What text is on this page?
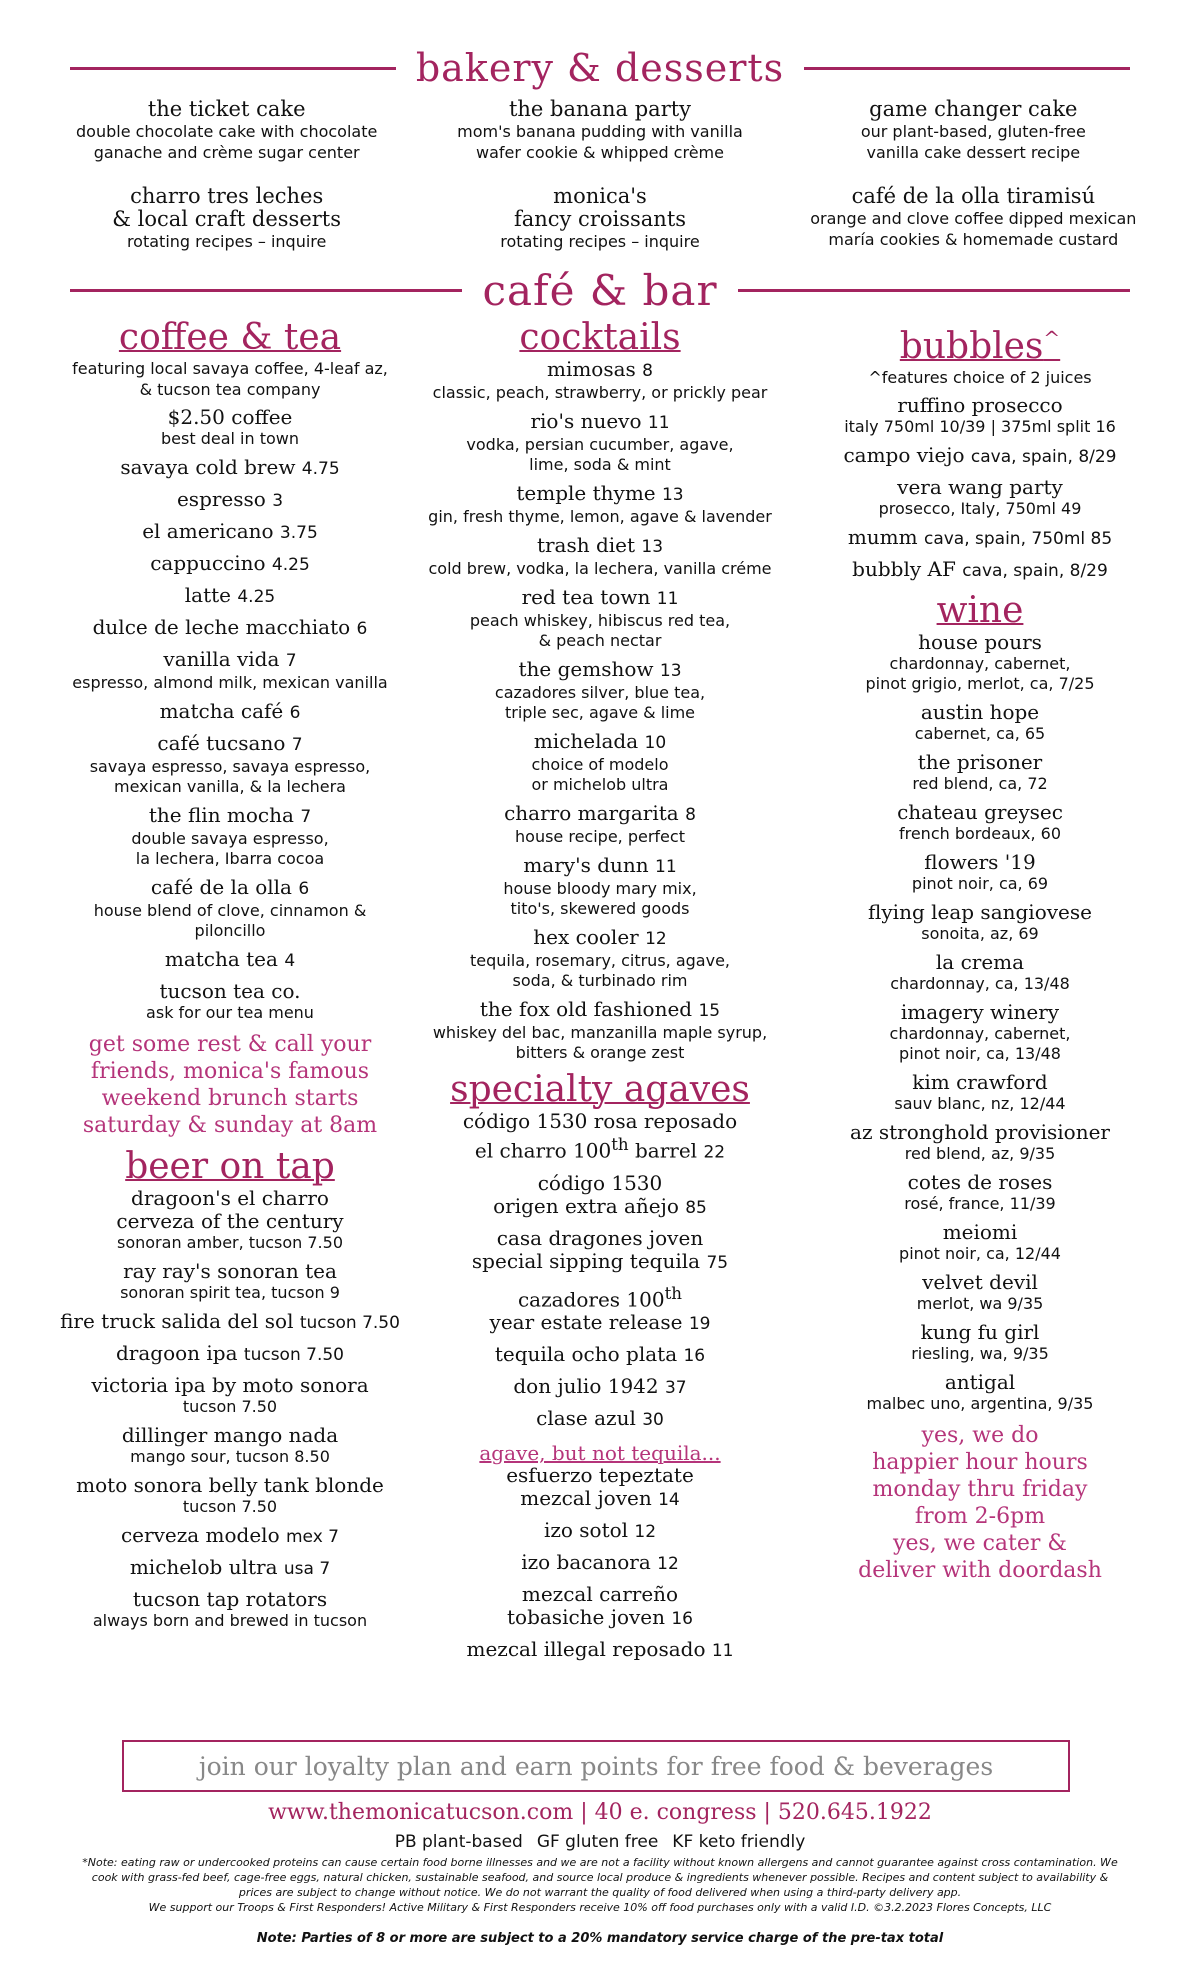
bakery & desserts
the ticket cake
double chocolate cake with chocolate
ganache and crème sugar center
the banana party
mom's banana pudding with vanilla
wafer cookie & whipped crème
game changer cake
our plant-based, gluten-free
vanilla cake dessert recipe
charro tres leches
& local craft desserts
rotating recipes – inquire
monica's
fancy croissants
rotating recipes – inquire
café de la olla tiramisú
orange and clove coffee dipped mexican
maría cookies & homemade custard
café & bar
coffee & tea
featuring local savaya coffee, 4-leaf az,
& tucson tea company
$2.50 coffee
best deal in town
savaya cold brew 4.75
espresso 3
el americano 3.75
cappuccino 4.25
latte 4.25
dulce de leche macchiato 6
vanilla vida 7
espresso, almond milk, mexican vanilla
matcha café 6
café tucsano 7
savaya espresso, savaya espresso,
mexican vanilla, & la lechera
the flin mocha 7
double savaya espresso,
la lechera, Ibarra cocoa
café de la olla 6
house blend of clove, cinnamon &
piloncillo
matcha tea 4
tucson tea co.
ask for our tea menu
get some rest & call your
friends, monica's famous
weekend brunch starts
saturday & sunday at 8am
beer on tap
dragoon's el charro
cerveza of the century
sonoran amber, tucson 7.50
ray ray's sonoran tea
sonoran spirit tea, tucson 9
fire truck salida del sol tucson 7.50
dragoon ipa tucson 7.50
victoria ipa by moto sonora
tucson 7.50
dillinger mango nada
mango sour, tucson 8.50
moto sonora belly tank blonde
tucson 7.50
cerveza modelo mex 7
michelob ultra usa 7
tucson tap rotators
always born and brewed in tucson
cocktails
mimosas 8
classic, peach, strawberry, or prickly pear
rio's nuevo 11
vodka, persian cucumber, agave,
lime, soda & mint
temple thyme 13
gin, fresh thyme, lemon, agave & lavender
trash diet 13
cold brew, vodka, la lechera, vanilla créme
red tea town 11
peach whiskey, hibiscus red tea,
& peach nectar
the gemshow 13
cazadores silver, blue tea,
triple sec, agave & lime
michelada 10
choice of modelo
or michelob ultra
charro margarita 8
house recipe, perfect
mary's dunn 11
house bloody mary mix,
tito's, skewered goods
hex cooler 12
tequila, rosemary, citrus, agave,
soda, & turbinado rim
the fox old fashioned 15
whiskey del bac, manzanilla maple syrup,
bitters & orange zest
specialty agaves
código 1530 rosa reposado
el charro 100th barrel 22
código 1530
origen extra añejo 85
casa dragones joven
special sipping tequila 75
cazadores 100th
year estate release 19
tequila ocho plata 16
don julio 1942 37
clase azul 30
agave, but not tequila...
esfuerzo tepeztate
mezcal joven 14
izo sotol 12
izo bacanora 12
mezcal carreño
tobasiche joven 16
mezcal illegal reposado 11
bubbles^
^features choice of 2 juices
ruffino prosecco
italy 750ml 10/39 | 375ml split 16
campo viejo cava, spain, 8/29
vera wang party
prosecco, Italy, 750ml 49
mumm cava, spain, 750ml 85
bubbly AF cava, spain, 8/29
wine
house pours
chardonnay, cabernet,
pinot grigio, merlot, ca, 7/25
austin hope
cabernet, ca, 65
the prisoner
red blend, ca, 72
chateau greysec
french bordeaux, 60
flowers '19
pinot noir, ca, 69
flying leap sangiovese
sonoita, az, 69
la crema
chardonnay, ca, 13/48
imagery winery
chardonnay, cabernet,
pinot noir, ca, 13/48
kim crawford
sauv blanc, nz, 12/44
az stronghold provisioner
red blend, az, 9/35
cotes de roses
rosé, france, 11/39
meiomi
pinot noir, ca, 12/44
velvet devil
merlot, wa 9/35
kung fu girl
riesling, wa, 9/35
antigal
malbec uno, argentina, 9/35
yes, we do
happier hour hours
monday thru friday
from 2-6pm
yes, we cater &
deliver with doordash
join our loyalty plan and earn points for free food & beverages
www.themonicatucson.com | 40 e. congress | 520.645.1922
PB plant-based GF gluten free KF keto friendly
*Note: eating raw or undercooked proteins can cause certain food borne illnesses and we are not a facility without known allergens and cannot guarantee against cross contamination. We cook with grass-fed beef, cage-free eggs, natural chicken, sustainable seafood, and source local produce & ingredients whenever possible. Recipes and content subject to availability & prices are subject to change without notice. We do not warrant the quality of food delivered when using a third-party delivery app.
We support our Troops & First Responders! Active Military & First Responders receive 10% off food purchases only with a valid I.D. ©3.2.2023 Flores Concepts, LLC
Note: Parties of 8 or more are subject to a 20% mandatory service charge of the pre-tax total
